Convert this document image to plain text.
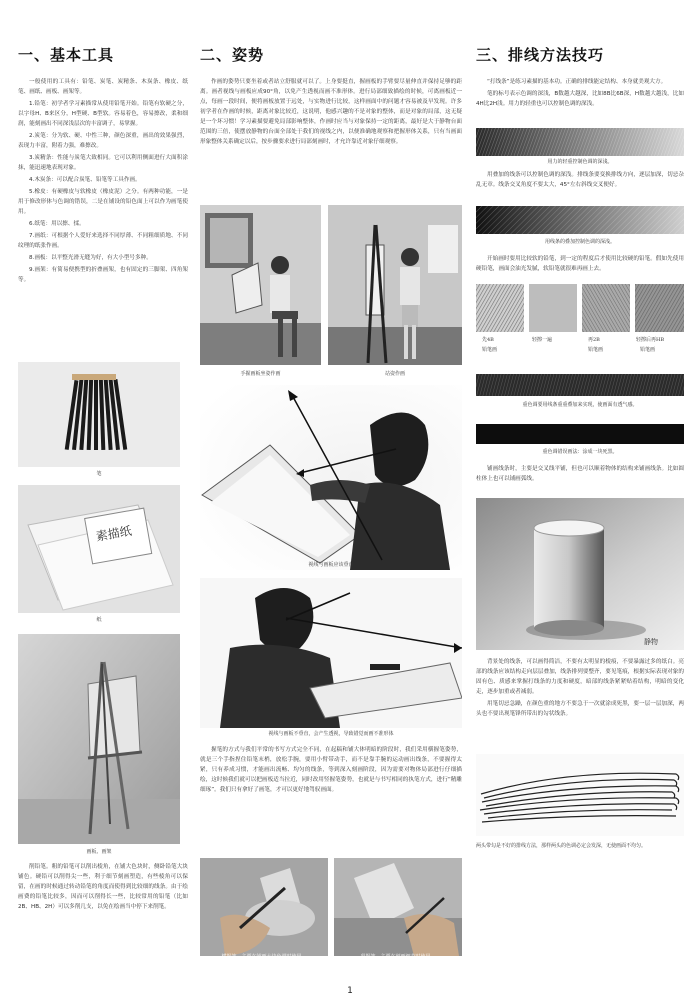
一、基本工具

一般使用的工具有：铅笔、炭笔、炭精条、木炭条、橡皮、纸笔、画纸、画板、画架等。

1.铅笔：初学者学习素描常从使用铅笔开始。铅笔有软硬之分，以字母H、B来区分，H型硬、B型软。容易着色，容易擦改，柔和细润，能刻画出不同深浅层次的丰富调子，易掌握。

2.炭笔：分为软、硬、中性三种，颜色深重，画出的效果强烈，表现力丰富，附着力强，难擦改。

3.炭精条：性能与炭笔大致相同。它可以利用侧面进行大面积涂抹，能迅速地表现对象。

4.木炭条：可以配合炭笔、铅笔等工具作画。

5.橡皮：有硬橡皮与软橡皮（橡皮泥）之分。有两种功能，一是用于修改形体与色调的错误，二是在铺设的铅色面上可以作为画笔使用。

6.纸笔：用以擦、揉。

7.画纸：可根据个人爱好来选择不同厚薄、不同粗细质地、不同纹理的纸张作画。

8.画板：以平整光滑无缝为好，有大小型号多种。

9.画架：有简易便携型的折叠画架，也有固定的三脚架、四角架等。

笔
素描纸
纸
画板、画架

削铅笔。粗的铅笔可以削出棱角，在铺大色块时，侧卧铅笔大块铺色。硬铅可以削得尖一些，利于细节刻画塑造，有些棱角可以保留，在画的时候通过转动铅笔的角度而使得到比较细的线条。由于绘画费的铅笔比较多，因而可以削得长一些，比较常用的铅笔（比如2B、HB、2H）可以多削几支，以免在绘画当中停下来削笔。

二、姿势

作画的姿势只要坐着或者站立舒服就可以了。上身要挺直，握画板的手臂要尽量伸直并保持足够的距离。画者视线与画板应成90°角，以免产生透视而画不准形体。进行局部细致描绘的时候，可离画板近一点，每画一段时间，便将画板放置于远处，与实物进行比较，这样画面中的问题才容易被及早发现。许多初学者在作画的时候，距离对象比较近，这说明，他感兴趣的不是对象的整体，而是对象的局部，这无疑是一个坏习惯！学习素描要避免局部影响整体，作画时应当与对象保持一定的距离，最好是大于静物台面范围的三倍，使摆放静物的台面全部处于我们的视线之内，以便准确地观察和把握形体关系，只有当画面形象整体关系确定以后，按步骤要求进行局部刻画时，才允许靠近对象仔细观察。

手握画板坐姿作画	站姿作画
视线与画板应该垂直
视线与画板不垂直，会产生透视，导致错觉而画不准形体

握笔的方式与我们平常的书写方式完全不同，在起稿和铺大体明暗的阶段时，我们采用横握笔姿势，就是三个手指捏住铅笔末梢，放松手腕，要用小臂带动手，而不是靠手腕的运动画出线条，不要握得太紧，只有养成习惯，才能画出流畅、均匀的线条，等到深入刻画阶段，因为需要对物体局部进行仔细描绘，这时候我们就可以把画板适当拉近，同时改用竖握笔姿势，也就是与书写相同的执笔方式，进行“精雕细琢”。我们只有拿好了画笔，才可以更好地驾驭画面。

横握笔，主要在铺画大块色调时使用。	竖握笔，主要在刻画细节时使用。
三、排线方法技巧

“打线条”是练习素描的基本功。正确的排线能定结构、本身就美观大方。

笔的标号表示色调的深浅，B数越大越深，比如8B比6B深，H数越大越浅，比如4H比2H浅。用力的轻重也可以控制色调的深浅。

用力的轻重控制色调的深浅。

用叠加的线条可以控制色调的深浅。排线条要变换排线方向，逐层加深，切忌杂乱无章。线条交叉角度不要太大，45°左右斜线交叉便好。

用线条的叠加控制色调的深浅。

开始画时要用比较软的铅笔，到一定的程度后才使用比较硬的铅笔。假如先使用硬铅笔，画面会油光发腻，软铅笔就很难再画上去。

先4B
铅笔画
轻擦一遍	再2B
铅笔画
轻擦后再HB
铅笔画
重色调要用线条重重叠加来实现，使画面有透气感。
重色调错误画法：涂成一块死黑。

铺画线条时，主要是交叉线平铺，但也可以顺着物体的结构来铺画线条。比如圆柱体上也可以铺画弧线。

静物

背景处的线条，可以画得简洁，不要有太明显的棱痕，不要暴露过多的纸白。亮部的线条应该结构走向层层叠加，线条排列要整齐，要见笔痕，根据实际表现对象的固有色、质感来掌握打线条的力度和硬度，暗部的线条紧紧贴着结构，明暗的变化走，逐步加重或者减弱。

用笔切忌急躁，在颜色重的地方不要急于一次就涂成死黑，要一层一层加深，两头也不要出现笔锋所带出的勾状线条。

两头带勾是不好的排线方法，那样两头的色调必定会发深，无使画面不均匀。
1
